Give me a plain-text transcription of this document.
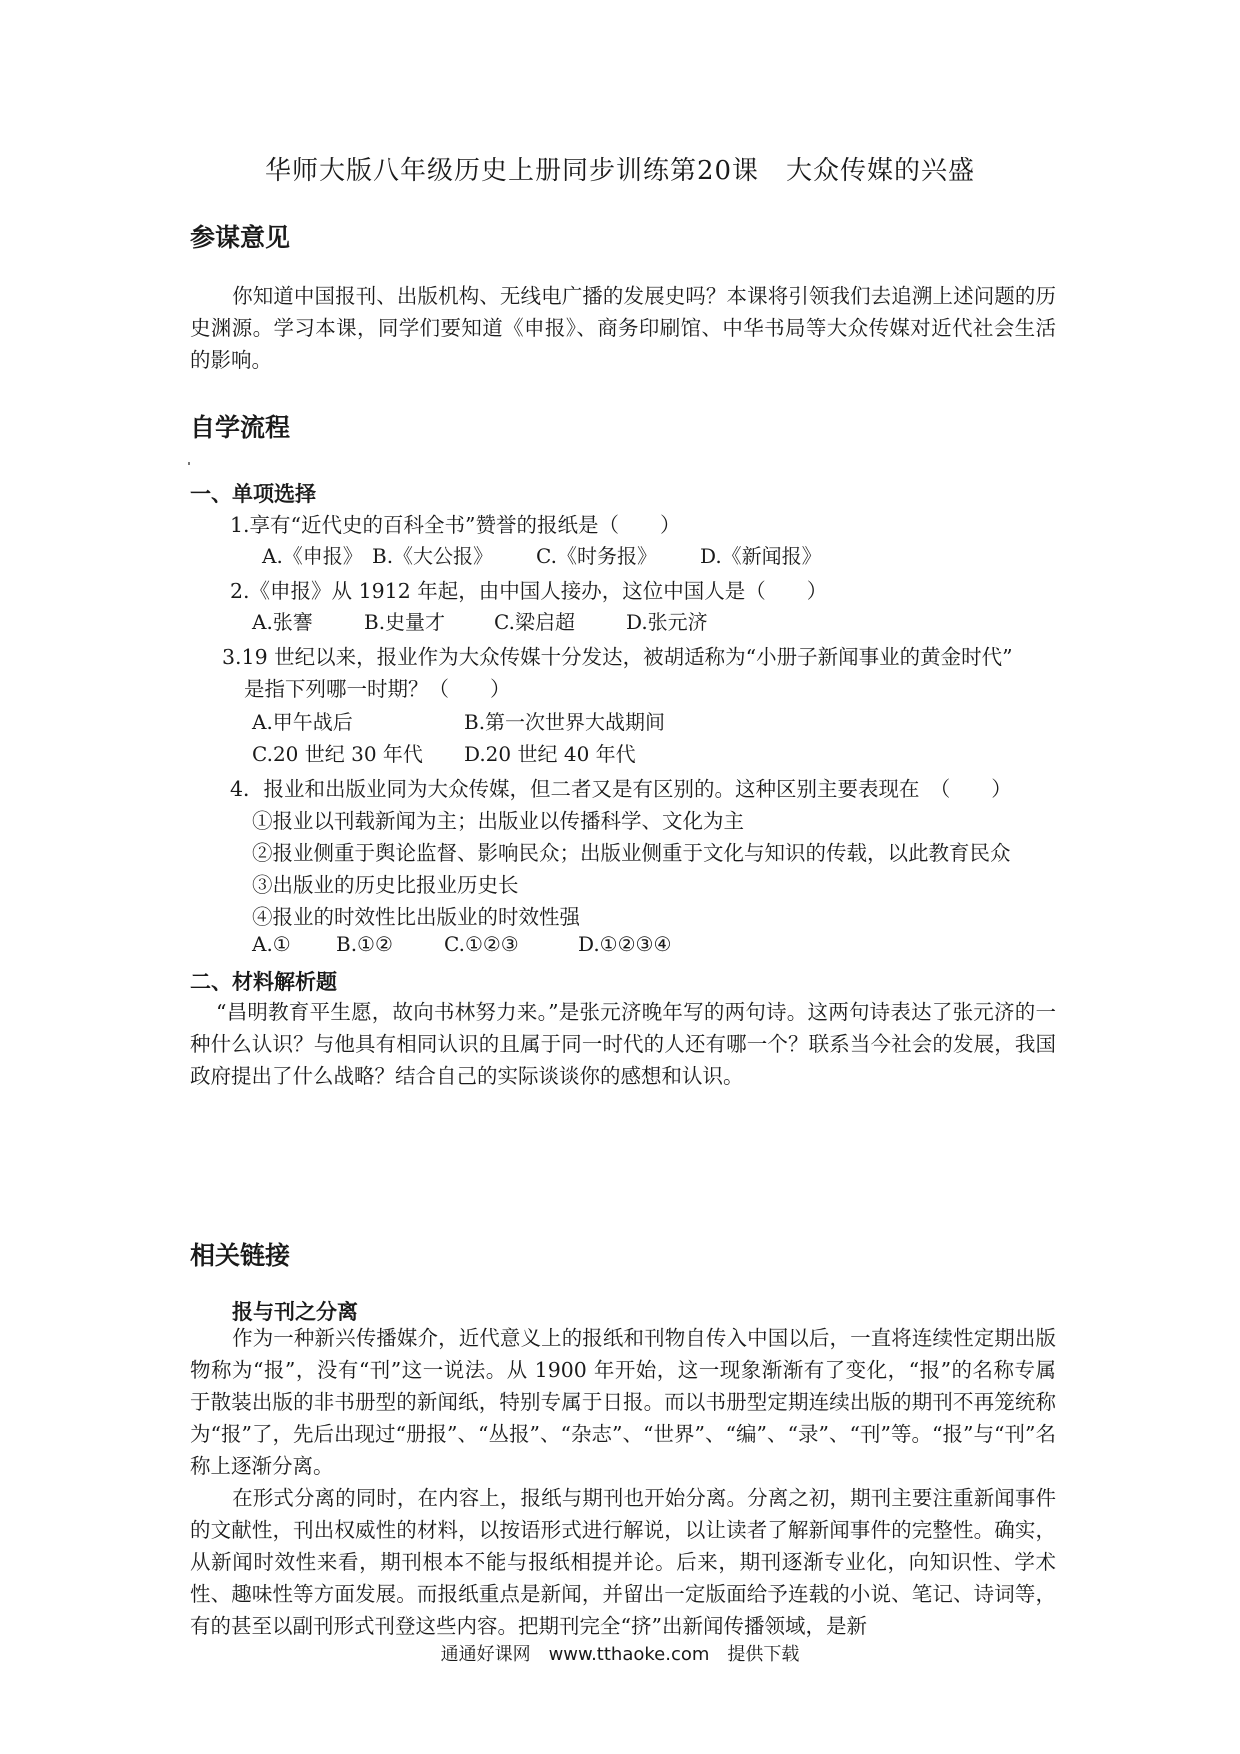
华师大版八年级历史上册同步训练第20课　大众传媒的兴盛
参谋意见
你知道中国报刊、出版机构、无线电广播的发展史吗？本课将引领我们去追溯上述问题的历史渊源。学习本课，同学们要知道《申报》、商务印刷馆、中华书局等大众传媒对近代社会生活的影响。
自学流程
一、单项选择
1.享有“近代史的百科全书”赞誉的报纸是（　　）
A.《申报》 B.《大公报》 C.《时务报》 D.《新闻报》
2.《申报》从 1912 年起，由中国人接办，这位中国人是（　　）
A.张謇	B.史量才 C.梁启超	D.张元济
3.19 世纪以来，报业作为大众传媒十分发达，被胡适称为“小册子新闻事业的黄金时代”
是指下列哪一时期？（　　）
A.甲午战后	B.第一次世界大战期间
C.20 世纪 30 年代 D.20 世纪 40 年代
4．报业和出版业同为大众传媒，但二者又是有区别的。这种区别主要表现在　（　　）
①报业以刊载新闻为主；出版业以传播科学、文化为主
②报业侧重于舆论监督、影响民众；出版业侧重于文化与知识的传载，以此教育民众
③出版业的历史比报业历史长
④报业的时效性比出版业的时效性强
A.① B.①②	C.①②③	D.①②③④
二、材料解析题
“昌明教育平生愿，故向书林努力来。”是张元济晚年写的两句诗。这两句诗表达了张元济的一种什么认识？与他具有相同认识的且属于同一时代的人还有哪一个？联系当今社会的发展，我国政府提出了什么战略？结合自己的实际谈谈你的感想和认识。
相关链接
报与刊之分离
作为一种新兴传播媒介，近代意义上的报纸和刊物自传入中国以后，一直将连续性定期出版物称为“报”，没有“刊”这一说法。从 1900 年开始，这一现象渐渐有了变化，“报”的名称专属于散装出版的非书册型的新闻纸，特别专属于日报。而以书册型定期连续出版的期刊不再笼统称为“报”了，先后出现过“册报”、“丛报”、“杂志”、“世界”、“编”、“录”、“刊”等。“报”与“刊”名称上逐渐分离。
在形式分离的同时，在内容上，报纸与期刊也开始分离。分离之初，期刊主要注重新闻事件的文献性，刊出权威性的材料，以按语形式进行解说，以让读者了解新闻事件的完整性。确实，从新闻时效性来看，期刊根本不能与报纸相提并论。后来，期刊逐渐专业化，向知识性、学术性、趣味性等方面发展。而报纸重点是新闻，并留出一定版面给予连载的小说、笔记、诗词等，有的甚至以副刊形式刊登这些内容。把期刊完全“挤”出新闻传播领域，是新
通通好课网　www.tthaoke.com　提供下载
